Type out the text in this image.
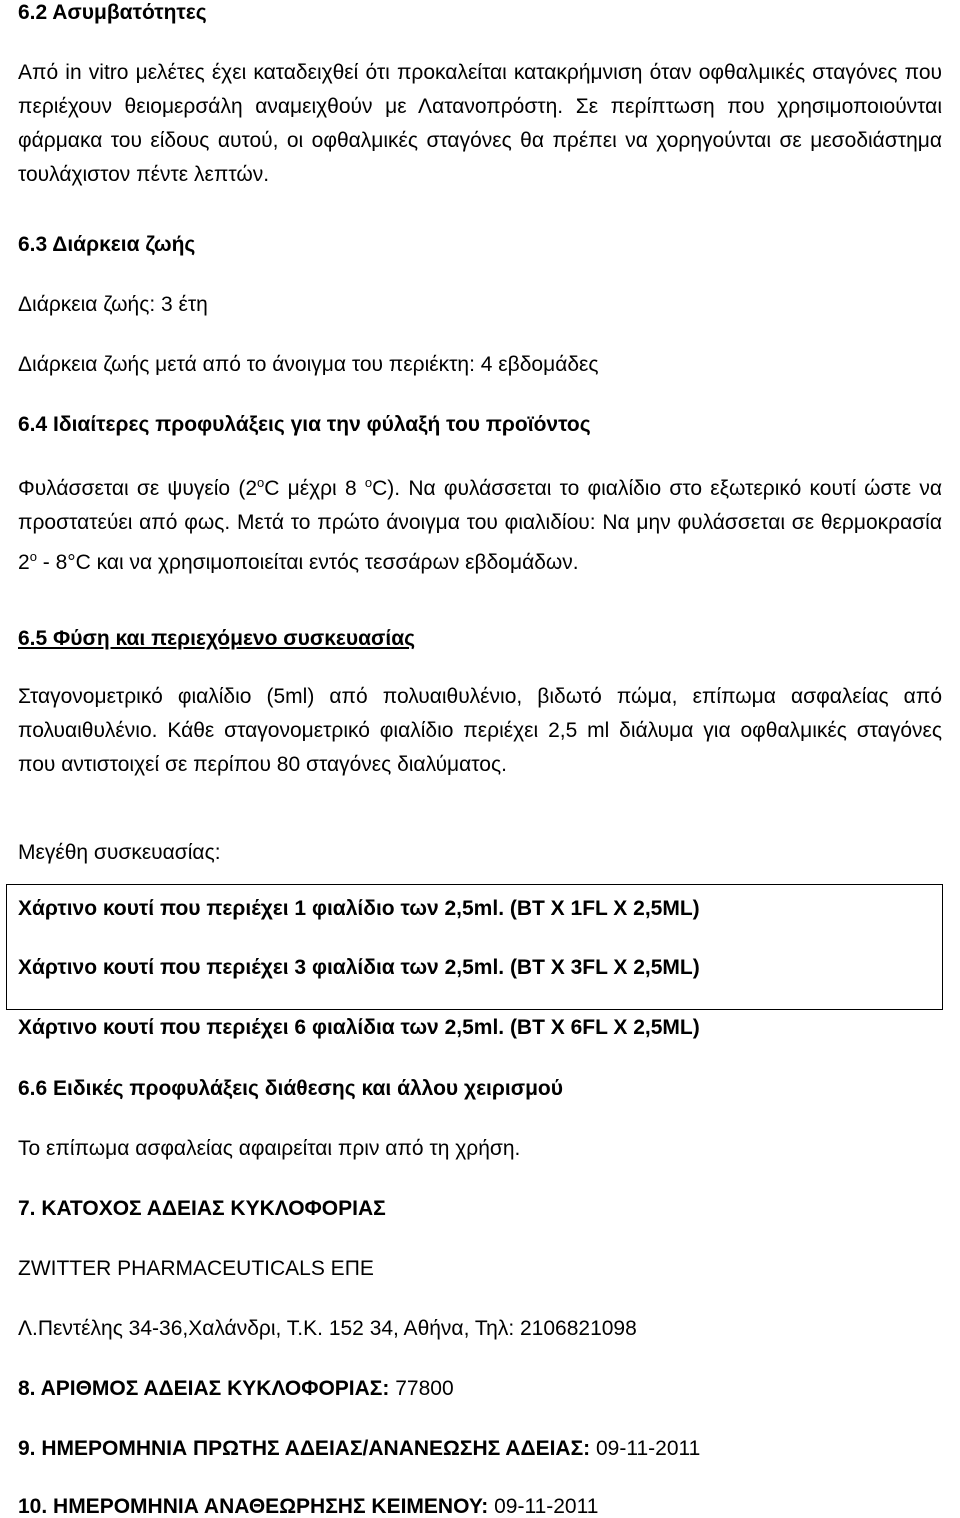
6.2 Ασυμβατότητες
Από in vitro μελέτες έχει καταδειχθεί ότι προκαλείται κατακρήμνιση όταν οφθαλμικές σταγόνες που περιέχουν θειομερσάλη αναμειχθούν με Λατανοπρόστη. Σε περίπτωση που χρησιμοποιούνται φάρμακα του είδους αυτού, οι οφθαλμικές σταγόνες θα πρέπει να χορηγούνται σε μεσοδιάστημα τουλάχιστον πέντε λεπτών.
6.3 Διάρκεια ζωής
Διάρκεια ζωής: 3 έτη
Διάρκεια ζωής μετά από το άνοιγμα του περιέκτη: 4 εβδομάδες
6.4 Ιδιαίτερες προφυλάξεις για την φύλαξή του προϊόντος
Φυλάσσεται σε ψυγείο ($2^oC$ μέχρι 8 $^o$C). Να φυλάσσεται το φιαλίδιο στο εξωτερικό κουτί ώστε να προστατεύει από φως. Μετά το πρώτο άνοιγμα του φιαλιδίου: Να μην φυλάσσεται σε θερμοκρασία $2^o - 8^\circ C$ και να χρησιμοποιείται εντός τεσσάρων εβδομάδων.
6.5 Φύση και περιεχόμενο συσκευασίας
Σταγονομετρικό φιαλίδιο (5ml) από πολυαιθυλένιο, βιδωτό πώμα, επίπωμα ασφαλείας από πολυαιθυλένιο. Κάθε σταγονομετρικό φιαλίδιο περιέχει 2,5 ml διάλυμα για οφθαλμικές σταγόνες που αντιστοιχεί σε περίπου 80 σταγόνες διαλύματος.
Μεγέθη συσκευασίας:
Χάρτινο κουτί που περιέχει 1 φιαλίδιο των 2,5ml. (BT X 1FL X 2,5ML)
Χάρτινο κουτί που περιέχει 3 φιαλίδια των 2,5ml. (BT X 3FL X 2,5ML)
Χάρτινο κουτί που περιέχει 6 φιαλίδια των 2,5ml. (BT X 6FL X 2,5ML)
6.6 Ειδικές προφυλάξεις διάθεσης και άλλου χειρισμού
Το επίπωμα ασφαλείας αφαιρείται πριν από τη χρήση.
7. ΚΑΤΟΧΟΣ ΑΔΕΙΑΣ ΚΥΚΛΟΦΟΡΙΑΣ
ZWITTER PHARMACEUTICALS ΕΠΕ
Λ.Πεντέλης 34-36,Χαλάνδρι, Τ.Κ. 152 34, Αθήνα, Τηλ: 2106821098
8. ΑΡΙΘΜΟΣ ΑΔΕΙΑΣ ΚΥΚΛΟΦΟΡΙΑΣ: 77800
9. ΗΜΕΡΟΜΗΝΙΑ ΠΡΩΤΗΣ ΑΔΕΙΑΣ/ΑΝΑΝΕΩΣΗΣ ΑΔΕΙΑΣ: 09-11-2011
10. ΗΜΕΡΟΜΗΝΙΑ ΑΝΑΘΕΩΡΗΣΗΣ ΚΕΙΜΕΝΟΥ: 09-11-2011
